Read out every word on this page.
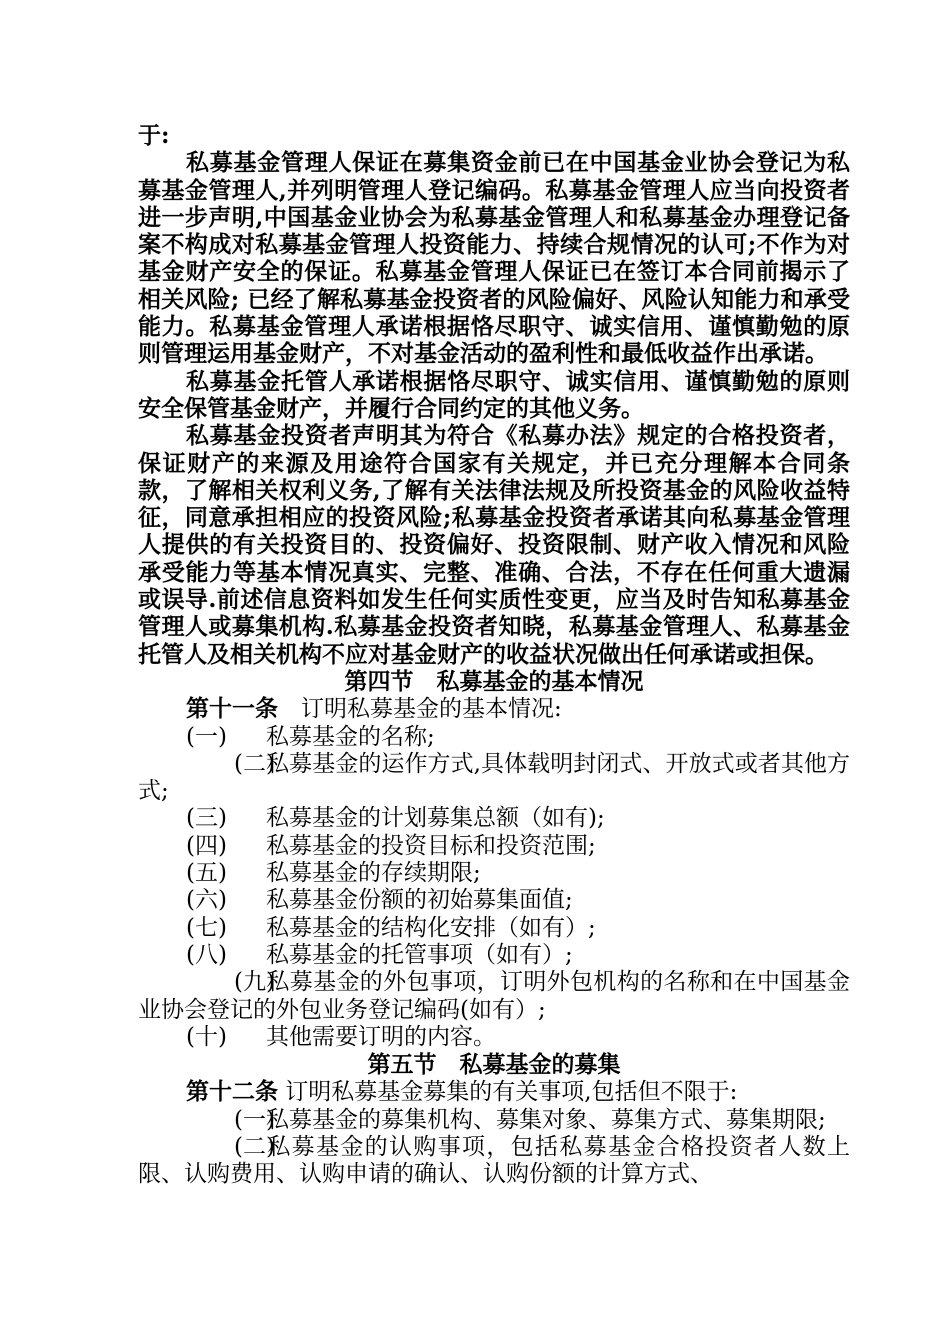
于:

私募基金管理人保证在募集资金前已在中国基金业协会登记为私募基金管理人,并列明管理人登记编码。私募基金管理人应当向投资者进一步声明,中国基金业协会为私募基金管理人和私募基金办理登记备案不构成对私募基金管理人投资能力、持续合规情况的认可;不作为对基金财产安全的保证。私募基金管理人保证已在签订本合同前揭示了相关风险; 已经了解私募基金投资者的风险偏好、风险认知能力和承受能力。私募基金管理人承诺根据恪尽职守、诚实信用、谨慎勤勉的原则管理运用基金财产，不对基金活动的盈利性和最低收益作出承诺。

私募基金托管人承诺根据恪尽职守、诚实信用、谨慎勤勉的原则安全保管基金财产，并履行合同约定的其他义务。

私募基金投资者声明其为符合《私募办法》规定的合格投资者，保证财产的来源及用途符合国家有关规定，并已充分理解本合同条款，了解相关权利义务,了解有关法律法规及所投资基金的风险收益特征，同意承担相应的投资风险;私募基金投资者承诺其向私募基金管理人提供的有关投资目的、投资偏好、投资限制、财产收入情况和风险承受能力等基本情况真实、完整、准确、合法，不存在任何重大遗漏或误导.前述信息资料如发生任何实质性变更，应当及时告知私募基金管理人或募集机构.私募基金投资者知晓，私募基金管理人、私募基金托管人及相关机构不应对基金财产的收益状况做出任何承诺或担保。

第四节　私募基金的基本情况

第十一条　订明私募基金的基本情况:

(一) 私募基金的名称;

(二)私募基金的运作方式,具体载明封闭式、开放式或者其他方式;

(三) 私募基金的计划募集总额（如有);

(四) 私募基金的投资目标和投资范围;

(五) 私募基金的存续期限;

(六) 私募基金份额的初始募集面值;

(七) 私募基金的结构化安排（如有）;

(八) 私募基金的托管事项（如有）;

(九)私募基金的外包事项，订明外包机构的名称和在中国基金业协会登记的外包业务登记编码(如有）;

(十) 其他需要订明的内容。

第五节　私募基金的募集

第十二条 订明私募基金募集的有关事项,包括但不限于:

(一)私募基金的募集机构、募集对象、募集方式、募集期限;

(二)私募基金的认购事项，包括私募基金合格投资者人数上限、认购费用、认购申请的确认、认购份额的计算方式、
